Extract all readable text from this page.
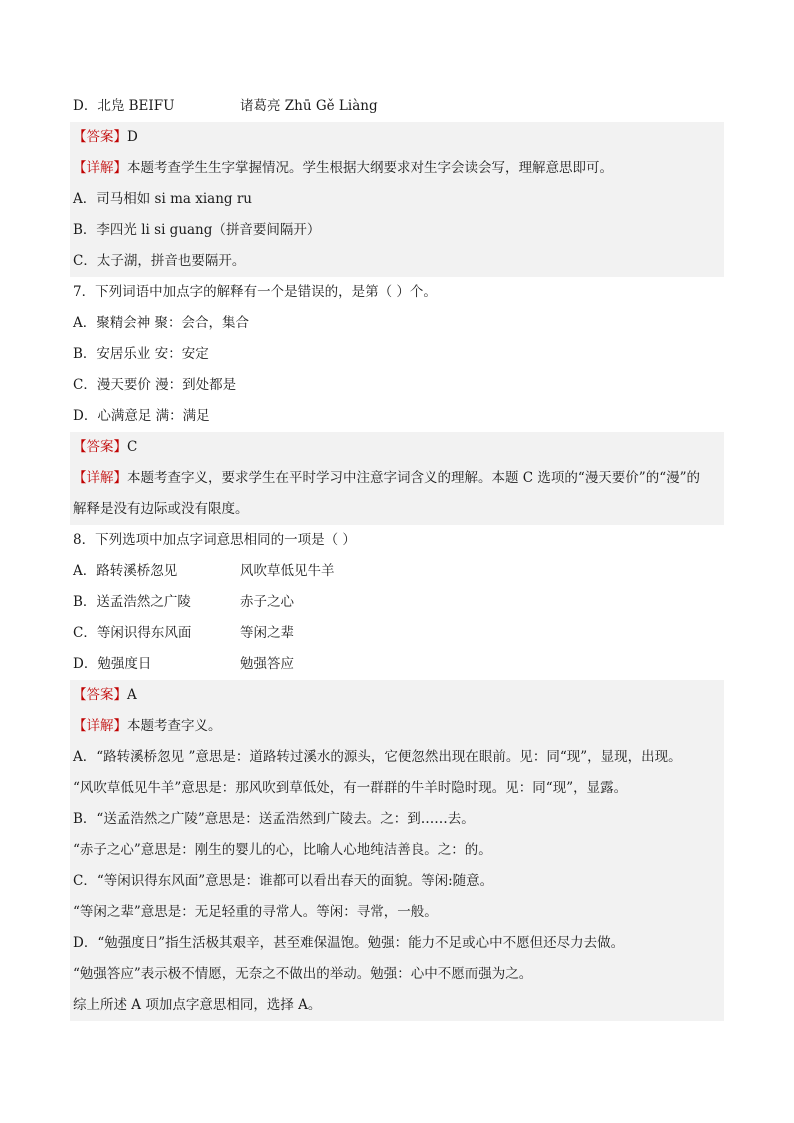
D．北凫 BEIFU	诸葛亮 Zhū Gě Liàng
【答案】D
【详解】本题考查学生生字掌握情况。学生根据大纲要求对生字会读会写，理解意思即可。
A．司马相如 si ma xiang ru
B．李四光 li si guang（拼音要间隔开）
C．太子湖，拼音也要隔开。
7．下列词语中加点字的解释有一个是错误的，是第（ ）个。
A．聚精会神 聚：会合，集合
B．安居乐业 安：安定
C．漫天要价 漫：到处都是
D．心满意足 满：满足
【答案】C
【详解】本题考查字义，要求学生在平时学习中注意字词含义的理解。本题 C 选项的“漫天要价”的“漫”的
解释是没有边际或没有限度。
8．下列选项中加点字词意思相同的一项是（ ）
A．路转溪桥忽见	风吹草低见牛羊
B．送孟浩然之广陵	赤子之心
C．等闲识得东风面	等闲之辈
D．勉强度日	勉强答应
【答案】A
【详解】本题考查字义。
A．“路转溪桥忽见 ”意思是：道路转过溪水的源头，它便忽然出现在眼前。见：同“现”，显现，出现。
“风吹草低见牛羊”意思是：那风吹到草低处，有一群群的牛羊时隐时现。见：同“现”，显露。
B．“送孟浩然之广陵”意思是：送孟浩然到广陵去。之：到……去。
“赤子之心”意思是：刚生的婴儿的心，比喻人心地纯洁善良。之：的。
C．“等闲识得东风面”意思是：谁都可以看出春天的面貌。等闲:随意。
“等闲之辈”意思是：无足轻重的寻常人。等闲：寻常，一般。
D．“勉强度日”指生活极其艰辛，甚至难保温饱。勉强：能力不足或心中不愿但还尽力去做。
“勉强答应”表示极不情愿，无奈之不做出的举动。勉强：心中不愿而强为之。
综上所述 A 项加点字意思相同，选择 A。
